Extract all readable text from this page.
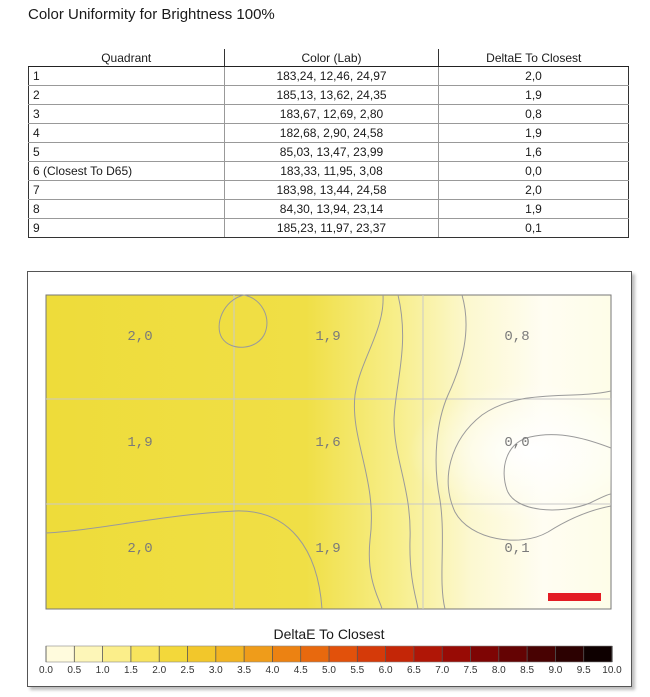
Color Uniformity for Brightness 100%
Quadrant	Color (Lab)	DeltaE To Closest
1	183,24, 12,46, 24,97	2,0
2	185,13, 13,62, 24,35	1,9
3	183,67, 12,69, 2,80	0,8
4	182,68, 2,90, 24,58	1,9
5	85,03, 13,47, 23,99	1,6
6 (Closest To D65)	183,33, 11,95, 3,08	0,0
7	183,98, 13,44, 24,58	2,0
8	84,30, 13,94, 23,14	1,9
9	185,23, 11,97, 23,37	0,1
2,0	1,9	0,8
1,9	1,6	0,0
2,0	1,9	0,1
DeltaE To Closest
0.0 0.5 1.0 1.5 2.0 2.5 3.0 3.5 4.0 4.5 5.0 5.5 6.0 6.5 7.0 7.5 8.0 8.5 9.0 9.5 10.0
